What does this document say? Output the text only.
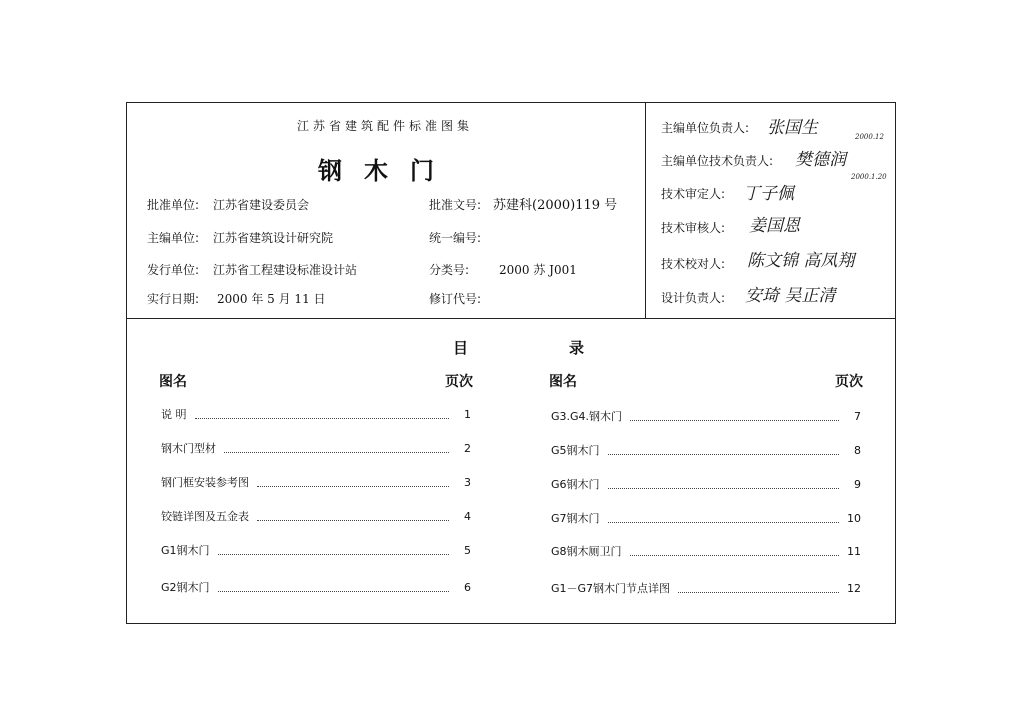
江苏省建筑配件标准图集
钢木门
批准单位: 江苏省建设委员会
主编单位: 江苏省建筑设计研究院
发行单位: 江苏省工程建设标准设计站
实行日期: 2000 年 5 月 11 日
批准文号: 苏建科(2000)119 号
统一编号:
分类号: 2000 苏 J001
修订代号:
主编单位负责人: 张国生	2000.12
主编单位技术负责人: 樊德润
2000.1.20
技术审定人: 丁子佩
技术审核人: 姜国恩
技术校对人: 陈文锦 高凤翔
设计负责人: 安琦 吴正清
目	录
图名	页次	图名	页次
说 明	1
钢木门型材	2
钢门框安装参考图	3
铰链详图及五金表	4
G1钢木门	5
G2钢木门	6
G3.G4.钢木门	7
G5钢木门	8
G6钢木门	9
G7钢木门	10
G8钢木厕卫门	11
G1－G7钢木门节点详图	12
